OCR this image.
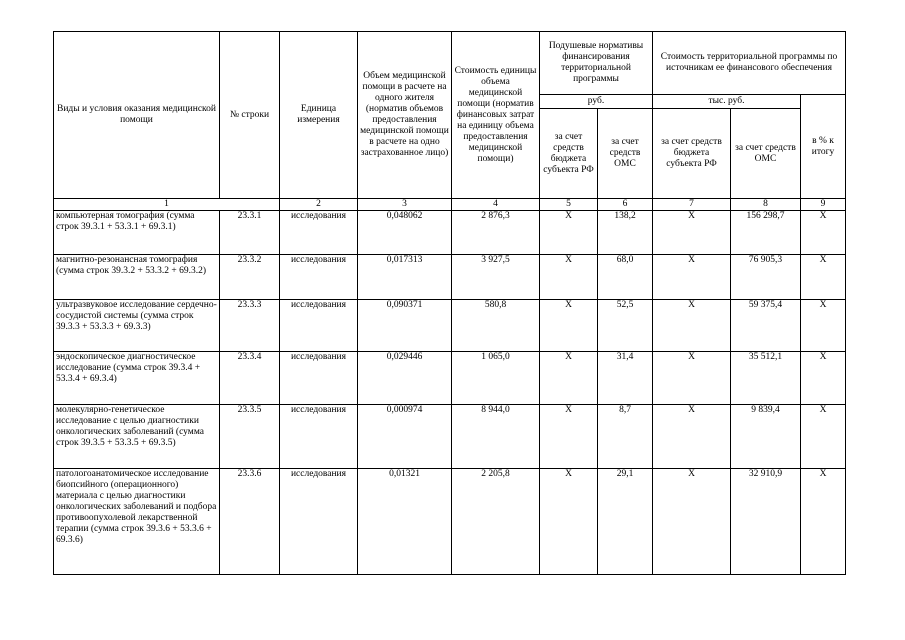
Виды и условия оказания медицинской помощи	№ строки	Единица измерения	Объем медицинской помощи в расчете на одного жителя (норматив объемов предоставления медицинской помощи в расчете на одно застрахованное лицо)	Стоимость единицы объема медицинской помощи (норматив финансовых затрат на единицу объема предоставления медицинской помощи)	Подушевые нормативы финансирования территориальной программы		Стоимость территориальной программы по источникам ее финансового обеспечения		
					руб.		тыс. руб.		в % к итогу
					за счет средств бюджета субъекта РФ	за счет средств ОМС	за счет средств бюджета субъекта РФ	за счет средств ОМС	
1		2	3	4	5	6	7	8	9
компьютерная томография (сумма строк 39.3.1 + 53.3.1 + 69.3.1)	23.3.1	исследования	0,048062	2 876,3	Х	138,2	Х	156 298,7	Х
магнитно-резонансная томография (сумма строк 39.3.2 + 53.3.2 + 69.3.2)	23.3.2	исследования	0,017313	3 927,5	Х	68,0	Х	76 905,3	Х
ультразвуковое исследование сердечно-сосудистой системы (сумма строк 39.3.3 + 53.3.3 + 69.3.3)	23.3.3	исследования	0,090371	580,8	Х	52,5	Х	59 375,4	Х
эндоскопическое диагностическое исследование (сумма строк 39.3.4 + 53.3.4 + 69.3.4)	23.3.4	исследования	0,029446	1 065,0	Х	31,4	Х	35 512,1	Х
молекулярно-генетическое исследование с целью диагностики онкологических заболеваний (сумма строк 39.3.5 + 53.3.5 + 69.3.5)	23.3.5	исследования	0,000974	8 944,0	Х	8,7	Х	9 839,4	Х
патологоанатомическое исследование биопсийного (операционного) материала с целью диагностики онкологических заболеваний и подбора противоопухолевой лекарственной терапии (сумма строк 39.3.6 + 53.3.6 + 69.3.6)	23.3.6	исследования	0,01321	2 205,8	Х	29,1	Х	32 910,9	Х
